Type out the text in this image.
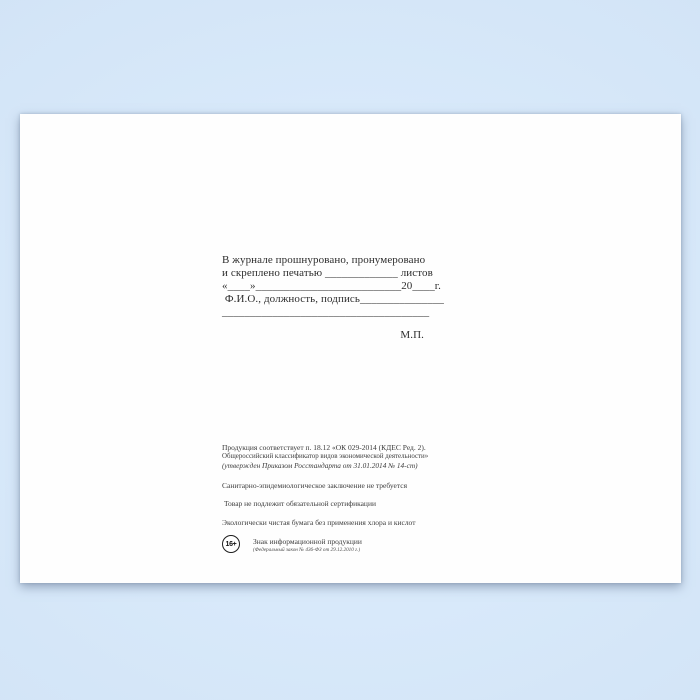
В журнале прошнуровано, пронумеровано
и скреплено печатью _____________ листов
«____»__________________________20____г.
Ф.И.О., должность, подпись_______________
_____________________________________
М.П.
Продукция соответствует п. 18.12 «ОК 029-2014 (КДЕС Ред. 2).
Общероссийский классификатор видов экономической деятельности»
(утвержден Приказом Росстандарта от 31.01.2014 № 14-ст)
Санитарно-эпидемиологическое заключение не требуется
Товар не подлежит обязательной сертификации
Экологически чистая бумага без применения хлора и кислот
16+ Знак информационной продукции
(Федеральный закон № 436-ФЗ от 29.12.2010 г.)
